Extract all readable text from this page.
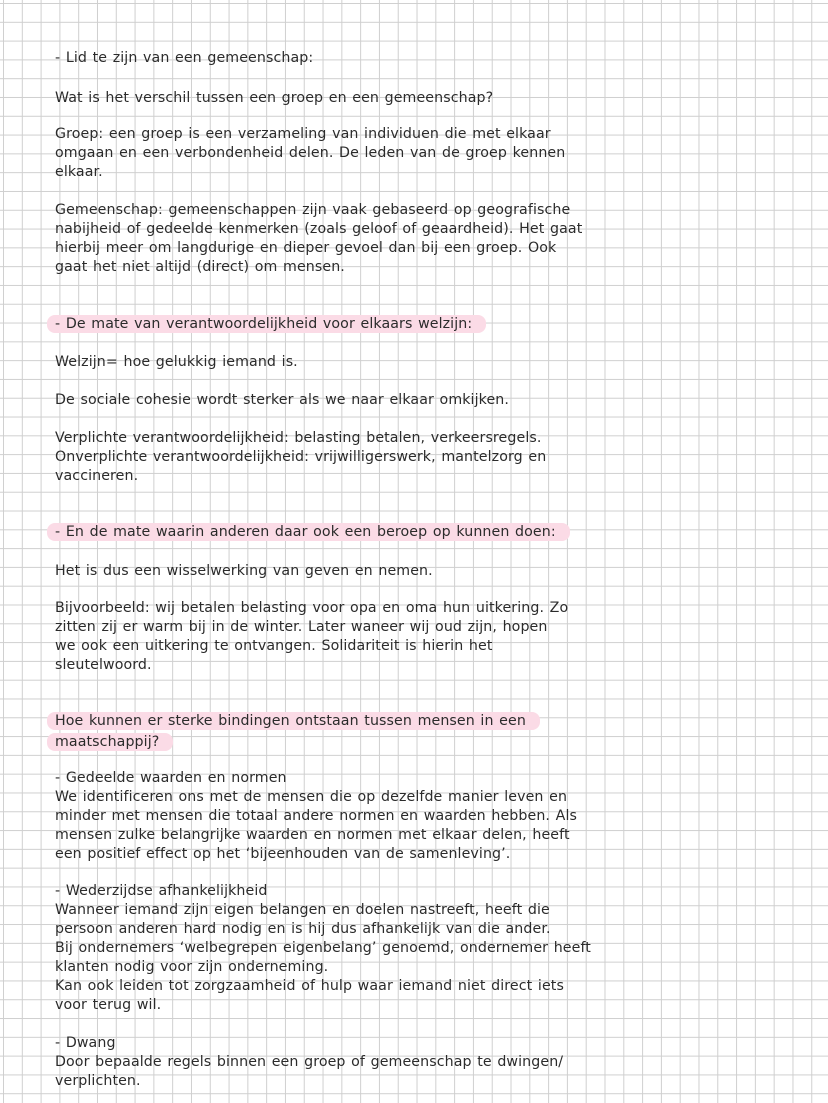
- Lid te zijn van een gemeenschap:
Wat is het verschil tussen een groep en een gemeenschap?
Groep: een groep is een verzameling van individuen die met elkaar
omgaan en een verbondenheid delen. De leden van de groep kennen
elkaar.
Gemeenschap: gemeenschappen zijn vaak gebaseerd op geografische
nabijheid of gedeelde kenmerken (zoals geloof of geaardheid). Het gaat
hierbij meer om langdurige en dieper gevoel dan bij een groep. Ook
gaat het niet altijd (direct) om mensen.
- De mate van verantwoordelijkheid voor elkaars welzijn:
Welzijn= hoe gelukkig iemand is.
De sociale cohesie wordt sterker als we naar elkaar omkijken.
Verplichte verantwoordelijkheid: belasting betalen, verkeersregels.
Onverplichte verantwoordelijkheid: vrijwilligerswerk, mantelzorg en
vaccineren.
- En de mate waarin anderen daar ook een beroep op kunnen doen:
Het is dus een wisselwerking van geven en nemen.
Bijvoorbeeld: wij betalen belasting voor opa en oma hun uitkering. Zo
zitten zij er warm bij in de winter. Later waneer wij oud zijn, hopen
we ook een uitkering te ontvangen. Solidariteit is hierin het
sleutelwoord.
Hoe kunnen er sterke bindingen ontstaan tussen mensen in een
maatschappij?
- Gedeelde waarden en normen
We identificeren ons met de mensen die op dezelfde manier leven en
minder met mensen die totaal andere normen en waarden hebben. Als
mensen zulke belangrijke waarden en normen met elkaar delen, heeft
een positief effect op het ‘bijeenhouden van de samenleving’.
- Wederzijdse afhankelijkheid
Wanneer iemand zijn eigen belangen en doelen nastreeft, heeft die
persoon anderen hard nodig en is hij dus afhankelijk van die ander.
Bij ondernemers ‘welbegrepen eigenbelang’ genoemd, ondernemer heeft
klanten nodig voor zijn onderneming.
Kan ook leiden tot zorgzaamheid of hulp waar iemand niet direct iets
voor terug wil.
- Dwang
Door bepaalde regels binnen een groep of gemeenschap te dwingen/
verplichten.
